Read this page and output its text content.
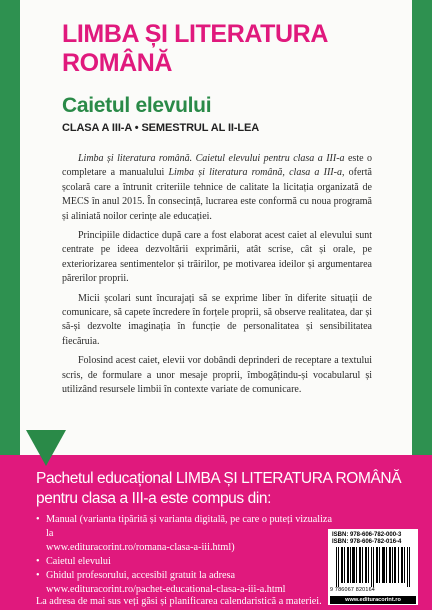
LIMBA ȘI LITERATURA
ROMÂNĂ
Caietul elevului
CLASA A III-A • SEMESTRUL AL II-LEA

Limba și literatura română. Caietul elevului pentru clasa a III-a este o completare a manualului Limba și literatura română, clasa a III-a, ofertă școlară care a întrunit criteriile tehnice de calitate la licitația organizată de MECS în anul 2015. În consecință, lucrarea este conformă cu noua programă și aliniată noilor cerințe ale educației.

Principiile didactice după care a fost elaborat acest caiet al elevului sunt centrate pe ideea dezvoltării exprimării, atât scrise, cât și orale, pe exteriorizarea sentimentelor și trăirilor, pe motivarea ideilor și argumentarea părerilor proprii.

Micii școlari sunt încurajați să se exprime liber în diferite situații de comunicare, să capete încredere în forțele proprii, să observe realitatea, dar și să-și dezvolte imaginația în funcție de personalitatea și sensibilitatea fiecăruia.

Folosind acest caiet, elevii vor dobândi deprinderi de receptare a textului scris, de formulare a unor mesaje proprii, îmbogățindu-și vocabularul și utilizând resursele limbii în contexte variate de comunicare.

Pachetul educațional LIMBA ȘI LITERATURA ROMÂNĂ
pentru clasa a III-a este compus din:
• Manual (varianta tipărită și varianta digitală, pe care o puteți vizualiza la
www.edituracorint.ro/romana-clasa-a-iii.html)
• Caietul elevului
• Ghidul profesorului, accesibil gratuit la adresa
www.edituracorint.ro/pachet-educational-clasa-a-iii-a.html
La adresa de mai sus veți găsi și planificarea calendaristică a materiei.
ISBN: 978-606-782-000-3
ISBN: 978-606-782-016-4
9 786067 820164
www.edituracorint.ro
